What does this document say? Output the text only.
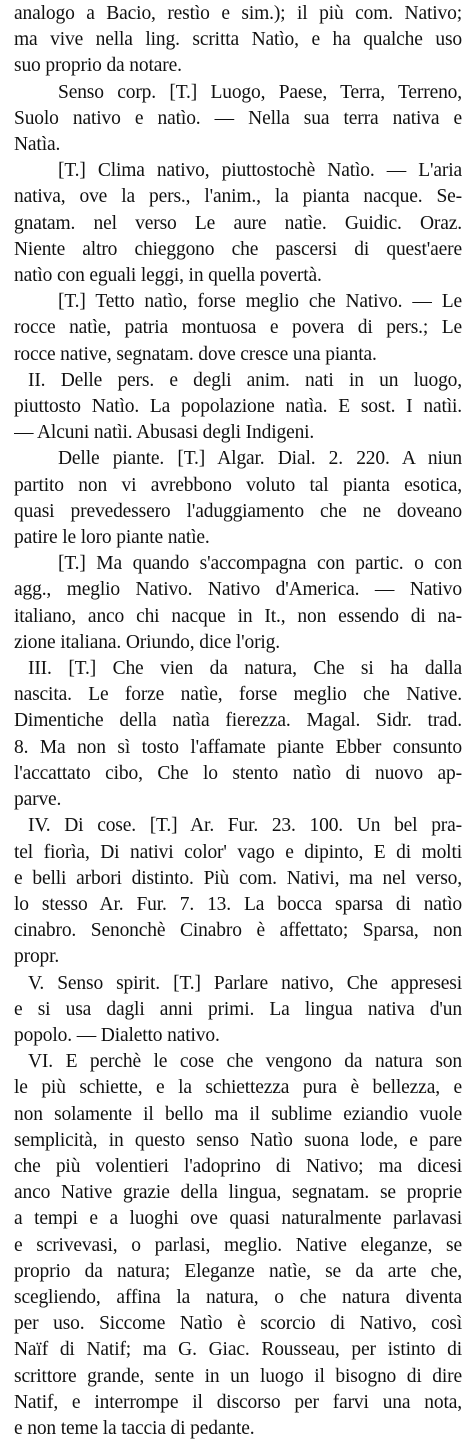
analogo a Bacio, restìo e sim.); il più com. Nativo;
ma vive nella ling. scritta Natìo, e ha qualche uso
suo proprio da notare.
Senso corp. [T.] Luogo, Paese, Terra, Terreno,
Suolo nativo e natìo. — Nella sua terra nativa e
Natìa.
[T.] Clima nativo, piuttostochè Natìo. — L'aria
nativa, ove la pers., l'anim., la pianta nacque. Se-
gnatam. nel verso Le aure natìe. Guidic. Oraz.
Niente altro chieggono che pascersi di quest'aere
natìo con eguali leggi, in quella povertà.
[T.] Tetto natìo, forse meglio che Nativo. — Le
rocce natìe, patria montuosa e povera di pers.; Le
rocce native, segnatam. dove cresce una pianta.
II. Delle pers. e degli anim. nati in un luogo,
piuttosto Natìo. La popolazione natìa. E sost. I natìi.
— Alcuni natìi. Abusasi degli Indigeni.
Delle piante. [T.] Algar. Dial. 2. 220. A niun
partito non vi avrebbono voluto tal pianta esotica,
quasi prevedessero l'aduggiamento che ne doveano
patire le loro piante natìe.
[T.] Ma quando s'accompagna con partic. o con
agg., meglio Nativo. Nativo d'America. — Nativo
italiano, anco chi nacque in It., non essendo di na-
zione italiana. Oriundo, dice l'orig.
III. [T.] Che vien da natura, Che si ha dalla
nascita. Le forze natìe, forse meglio che Native.
Dimentiche della natìa fierezza. Magal. Sidr. trad.
8. Ma non sì tosto l'affamate piante Ebber consunto
l'accattato cibo, Che lo stento natìo di nuovo ap-
parve.
IV. Di cose. [T.] Ar. Fur. 23. 100. Un bel pra-
tel fiorìa, Di nativi color' vago e dipinto, E di molti
e belli arbori distinto. Più com. Nativi, ma nel verso,
lo stesso Ar. Fur. 7. 13. La bocca sparsa di natìo
cinabro. Senonchè Cinabro è affettato; Sparsa, non
propr.
V. Senso spirit. [T.] Parlare nativo, Che appresesi
e si usa dagli anni primi. La lingua nativa d'un
popolo. — Dialetto nativo.
VI. E perchè le cose che vengono da natura son
le più schiette, e la schiettezza pura è bellezza, e
non solamente il bello ma il sublime eziandio vuole
semplicità, in questo senso Natìo suona lode, e pare
che più volentieri l'adoprino di Nativo; ma dicesi
anco Native grazie della lingua, segnatam. se proprie
a tempi e a luoghi ove quasi naturalmente parlavasi
e scrivevasi, o parlasi, meglio. Native eleganze, se
proprio da natura; Eleganze natìe, se da arte che,
scegliendo, affina la natura, o che natura diventa
per uso. Siccome Natìo è scorcio di Nativo, così
Naïf di Natif; ma G. Giac. Rousseau, per istinto di
scrittore grande, sente in un luogo il bisogno di dire
Natif, e interrompe il discorso per farvi una nota,
e non teme la taccia di pedante.
